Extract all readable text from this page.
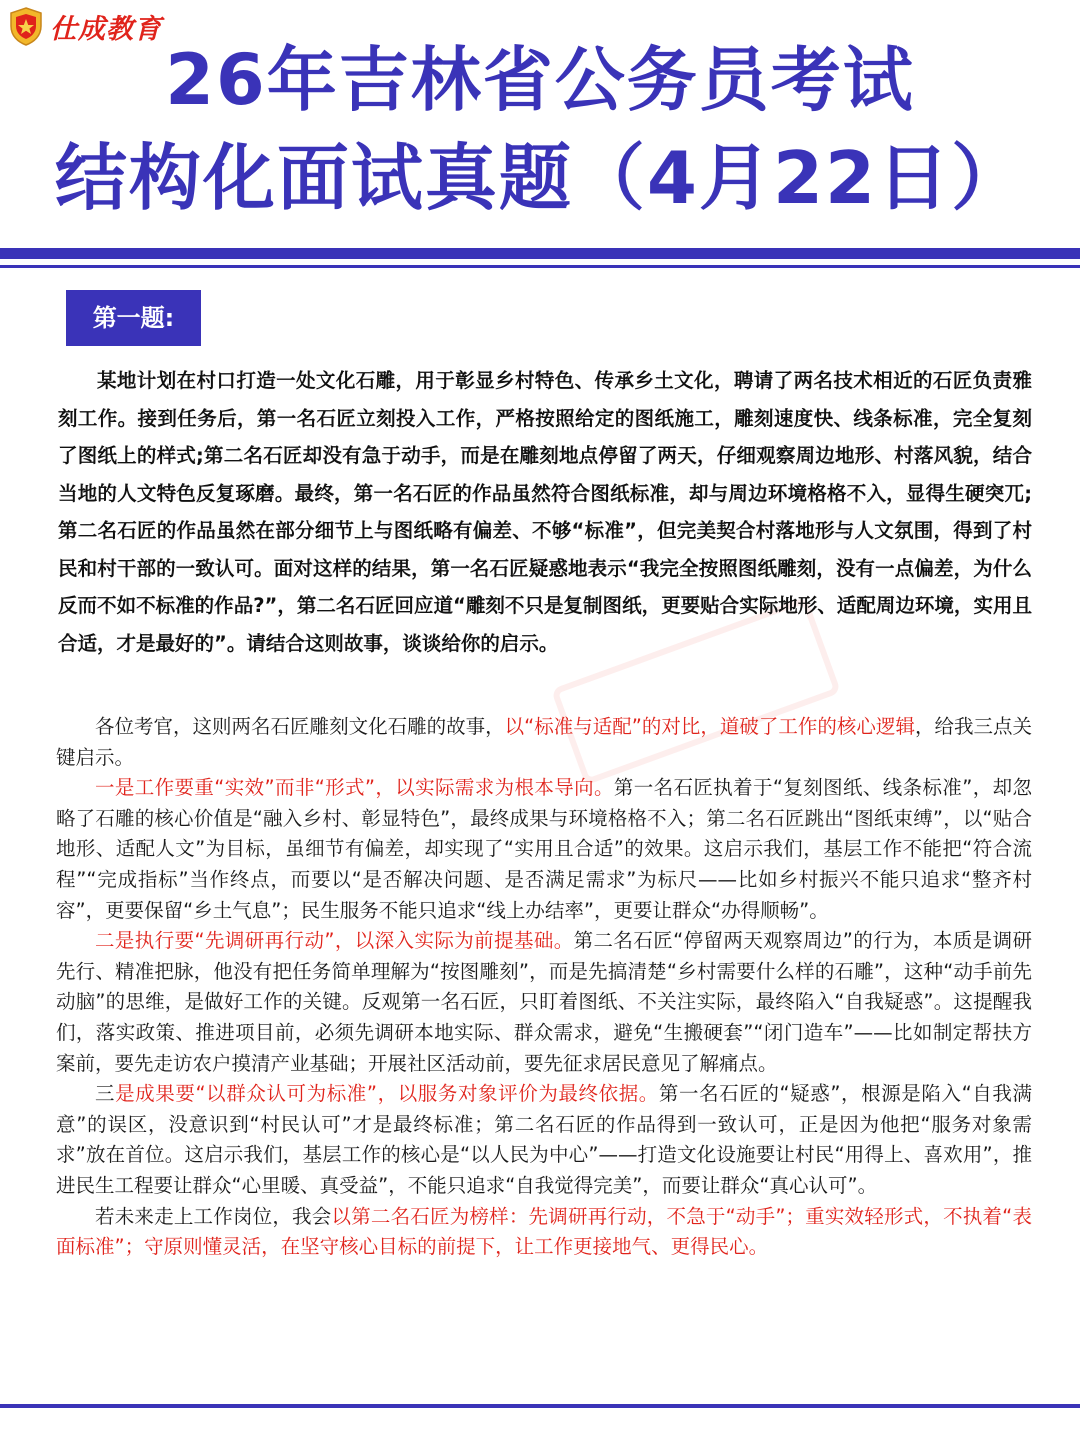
仕成教育
26年吉林省公务员考试
结构化面试真题（4月22日）
第一题:
某地计划在村口打造一处文化石雕，用于彰显乡村特色、传承乡土文化，聘请了两名技术相近的石匠负责雅刻工作。接到任务后，第一名石匠立刻投入工作，严格按照给定的图纸施工，雕刻速度快、线条标准，完全复刻了图纸上的样式;第二名石匠却没有急于动手，而是在雕刻地点停留了两天，仔细观察周边地形、村落风貌，结合当地的人文特色反复琢磨。最终，第一名石匠的作品虽然符合图纸标准，却与周边环境格格不入，显得生硬突兀;第二名石匠的作品虽然在部分细节上与图纸略有偏差、不够“标准”，但完美契合村落地形与人文氛围，得到了村民和村干部的一致认可。面对这样的结果，第一名石匠疑惑地表示“我完全按照图纸雕刻，没有一点偏差，为什么反而不如不标准的作品?”，第二名石匠回应道“雕刻不只是复制图纸，更要贴合实际地形、适配周边环境，实用且合适，才是最好的”。请结合这则故事，谈谈给你的启示。

各位考官，这则两名石匠雕刻文化石雕的故事，以“标准与适配”的对比，道破了工作的核心逻辑，给我三点关键启示。

一是工作要重“实效”而非“形式”，以实际需求为根本导向。第一名石匠执着于“复刻图纸、线条标准”，却忽略了石雕的核心价值是“融入乡村、彰显特色”，最终成果与环境格格不入；第二名石匠跳出“图纸束缚”，以“贴合地形、适配人文”为目标，虽细节有偏差，却实现了“实用且合适”的效果。这启示我们，基层工作不能把“符合流程”“完成指标”当作终点，而要以“是否解决问题、是否满足需求”为标尺——比如乡村振兴不能只追求“整齐村容”，更要保留“乡土气息”；民生服务不能只追求“线上办结率”，更要让群众“办得顺畅”。

二是执行要“先调研再行动”，以深入实际为前提基础。第二名石匠“停留两天观察周边”的行为，本质是调研先行、精准把脉，他没有把任务简单理解为“按图雕刻”，而是先搞清楚“乡村需要什么样的石雕”，这种“动手前先动脑”的思维，是做好工作的关键。反观第一名石匠，只盯着图纸、不关注实际，最终陷入“自我疑惑”。这提醒我们，落实政策、推进项目前，必须先调研本地实际、群众需求，避免“生搬硬套”“闭门造车”——比如制定帮扶方案前，要先走访农户摸清产业基础；开展社区活动前，要先征求居民意见了解痛点。

三是成果要“以群众认可为标准”，以服务对象评价为最终依据。第一名石匠的“疑惑”，根源是陷入“自我满意”的误区，没意识到“村民认可”才是最终标准；第二名石匠的作品得到一致认可，正是因为他把“服务对象需求”放在首位。这启示我们，基层工作的核心是“以人民为中心”——打造文化设施要让村民“用得上、喜欢用”，推进民生工程要让群众“心里暖、真受益”，不能只追求“自我觉得完美”，而要让群众“真心认可”。

若未来走上工作岗位，我会以第二名石匠为榜样：先调研再行动，不急于“动手”；重实效轻形式，不执着“表面标准”；守原则懂灵活，在坚守核心目标的前提下，让工作更接地气、更得民心。
